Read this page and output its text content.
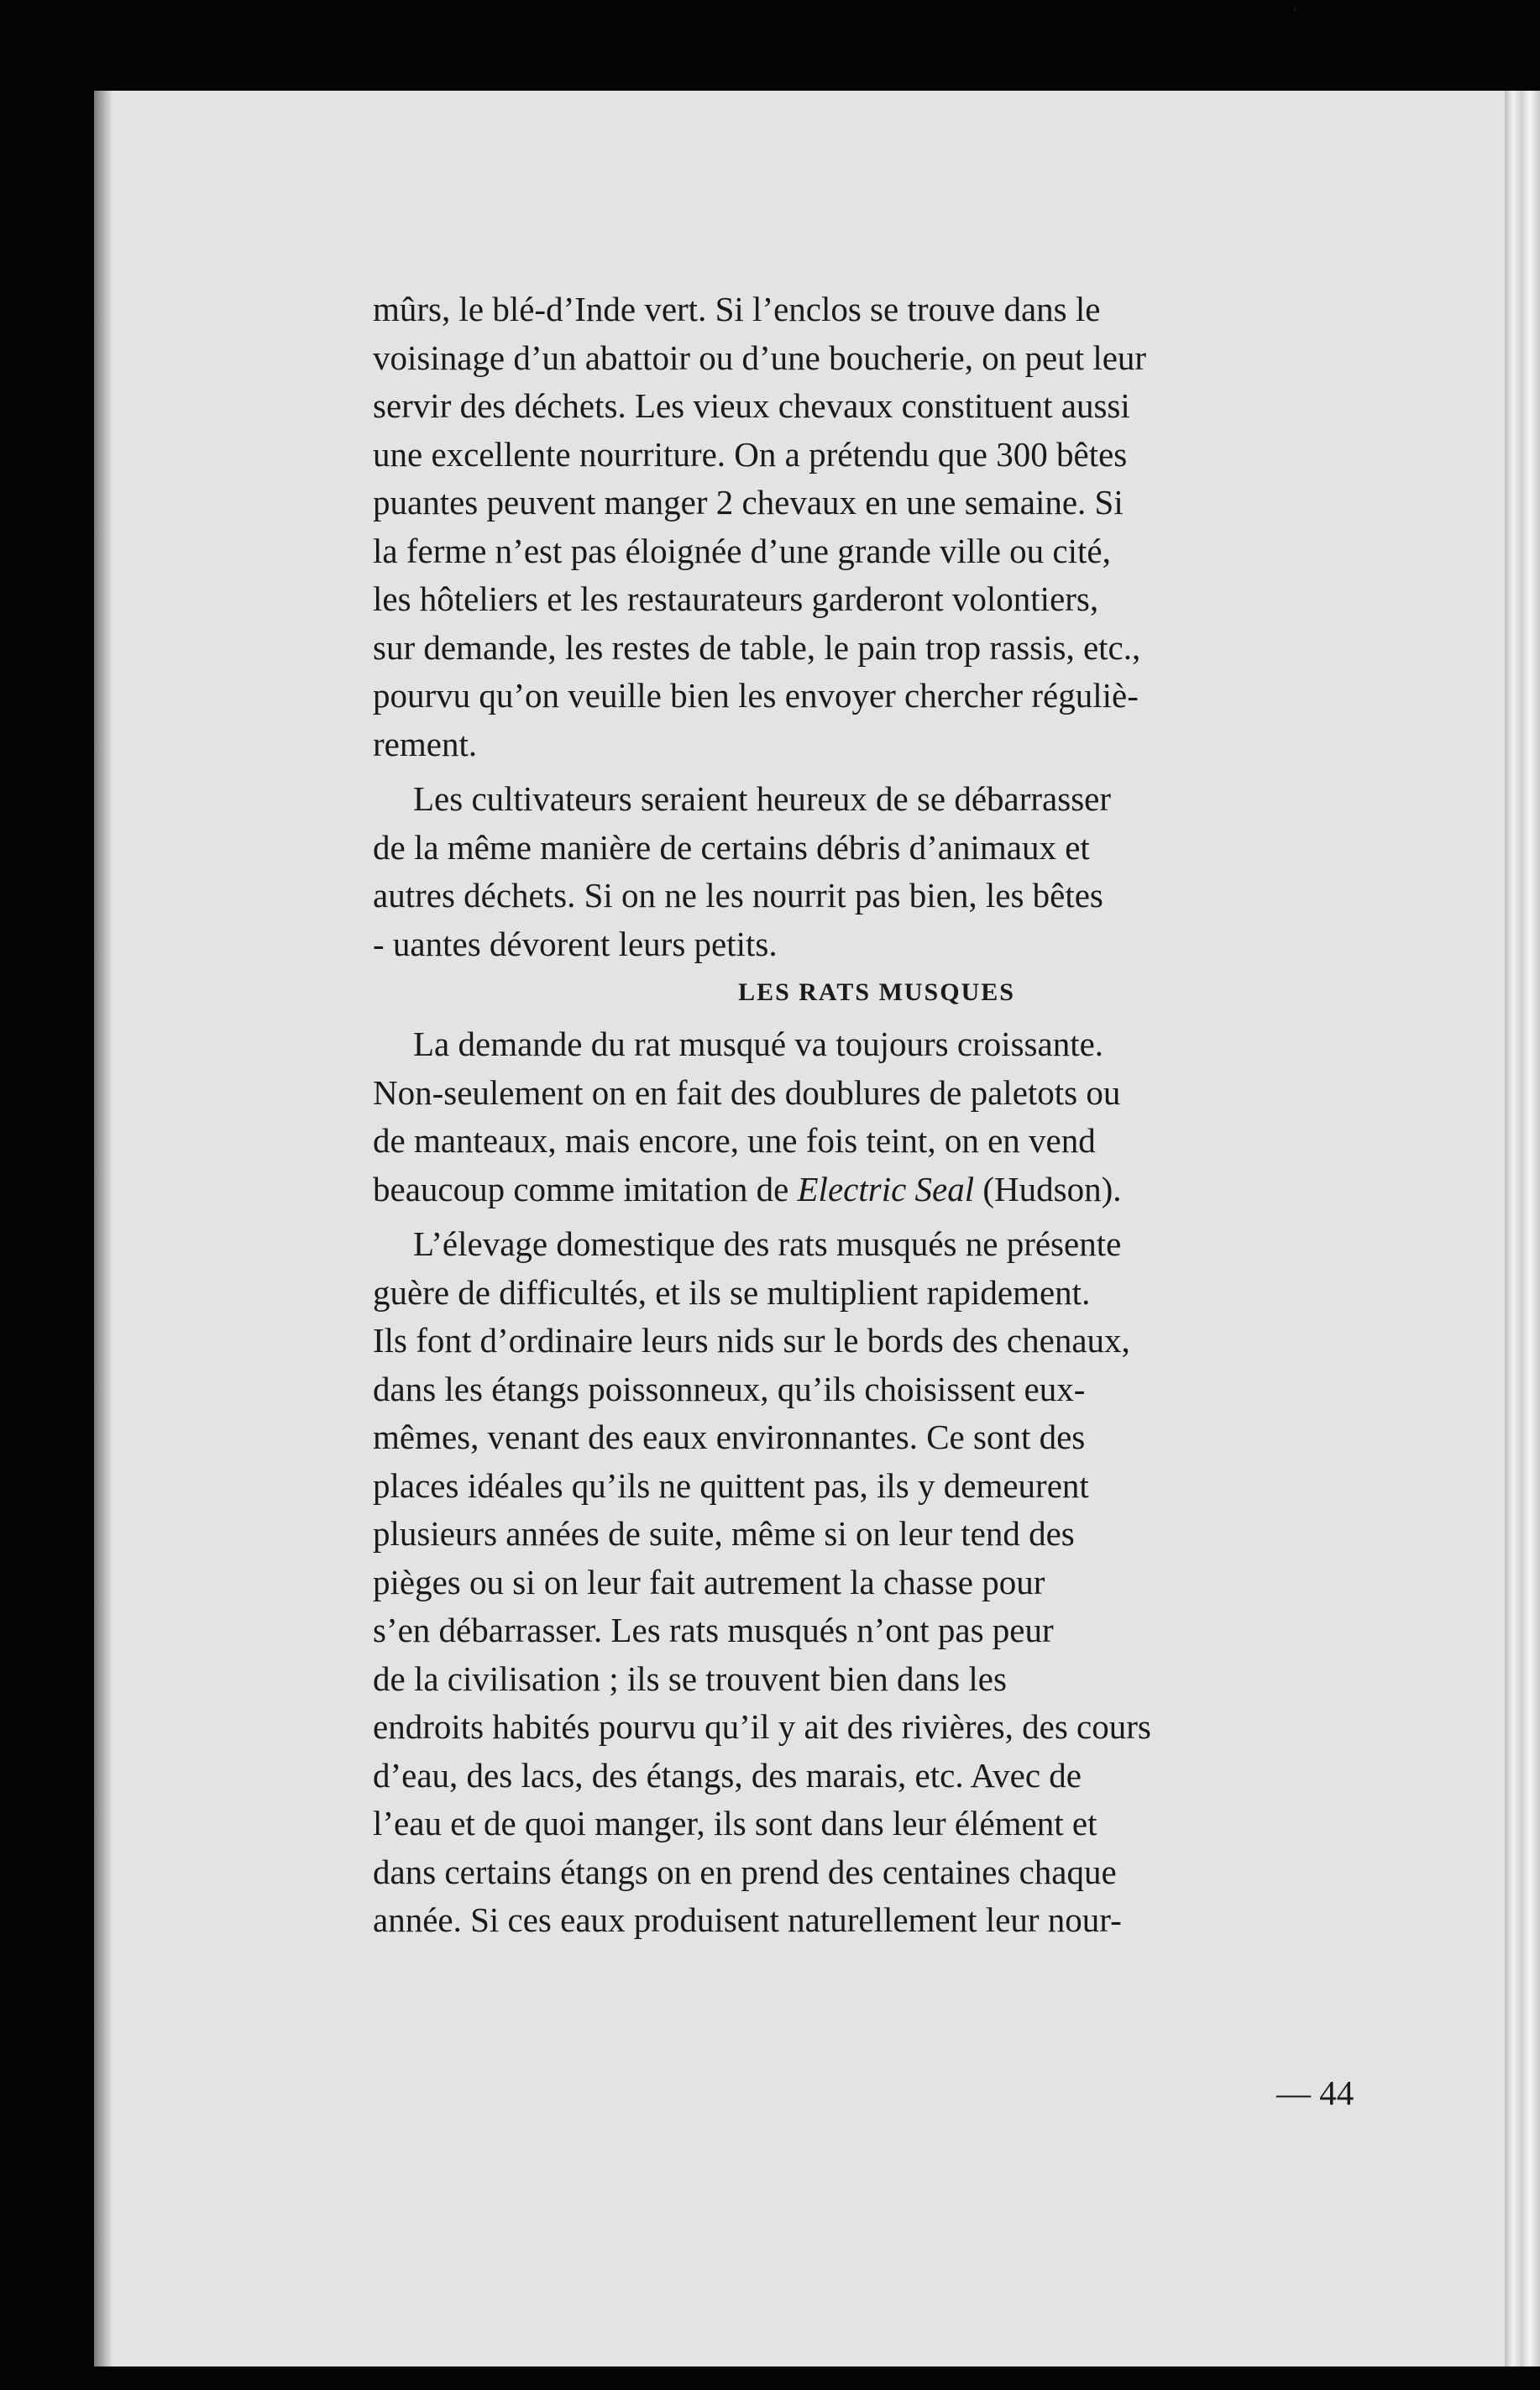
mûrs, le blé-d’Inde vert. Si l’enclos se trouve dans le
voisinage d’un abattoir ou d’une boucherie, on peut leur
servir des déchets. Les vieux chevaux constituent aussi
une excellente nourriture. On a prétendu que 300 bêtes
puantes peuvent manger 2 chevaux en une semaine. Si
la ferme n’est pas éloignée d’une grande ville ou cité,
les hôteliers et les restaurateurs garderont volontiers,
sur demande, les restes de table, le pain trop rassis, etc.,
pourvu qu’on veuille bien les envoyer chercher réguliè-
rement.

Les cultivateurs seraient heureux de se débarrasser
de la même manière de certains débris d’animaux et
autres déchets. Si on ne les nourrit pas bien, les bêtes
- uantes dévorent leurs petits.

LES RATS MUSQUES

La demande du rat musqué va toujours croissante.
Non-seulement on en fait des doublures de paletots ou
de manteaux, mais encore, une fois teint, on en vend
beaucoup comme imitation de Electric Seal (Hudson).

L’élevage domestique des rats musqués ne présente
guère de difficultés, et ils se multiplient rapidement.
Ils font d’ordinaire leurs nids sur le bords des chenaux,
dans les étangs poissonneux, qu’ils choisissent eux-
mêmes, venant des eaux environnantes. Ce sont des
places idéales qu’ils ne quittent pas, ils y demeurent
plusieurs années de suite, même si on leur tend des
pièges ou si on leur fait autrement la chasse pour
s’en débarrasser. Les rats musqués n’ont pas peur
de la civilisation ; ils se trouvent bien dans les
endroits habités pourvu qu’il y ait des rivières, des cours
d’eau, des lacs, des étangs, des marais, etc. Avec de
l’eau et de quoi manger, ils sont dans leur élément et
dans certains étangs on en prend des centaines chaque
année. Si ces eaux produisent naturellement leur nour-

— 44
